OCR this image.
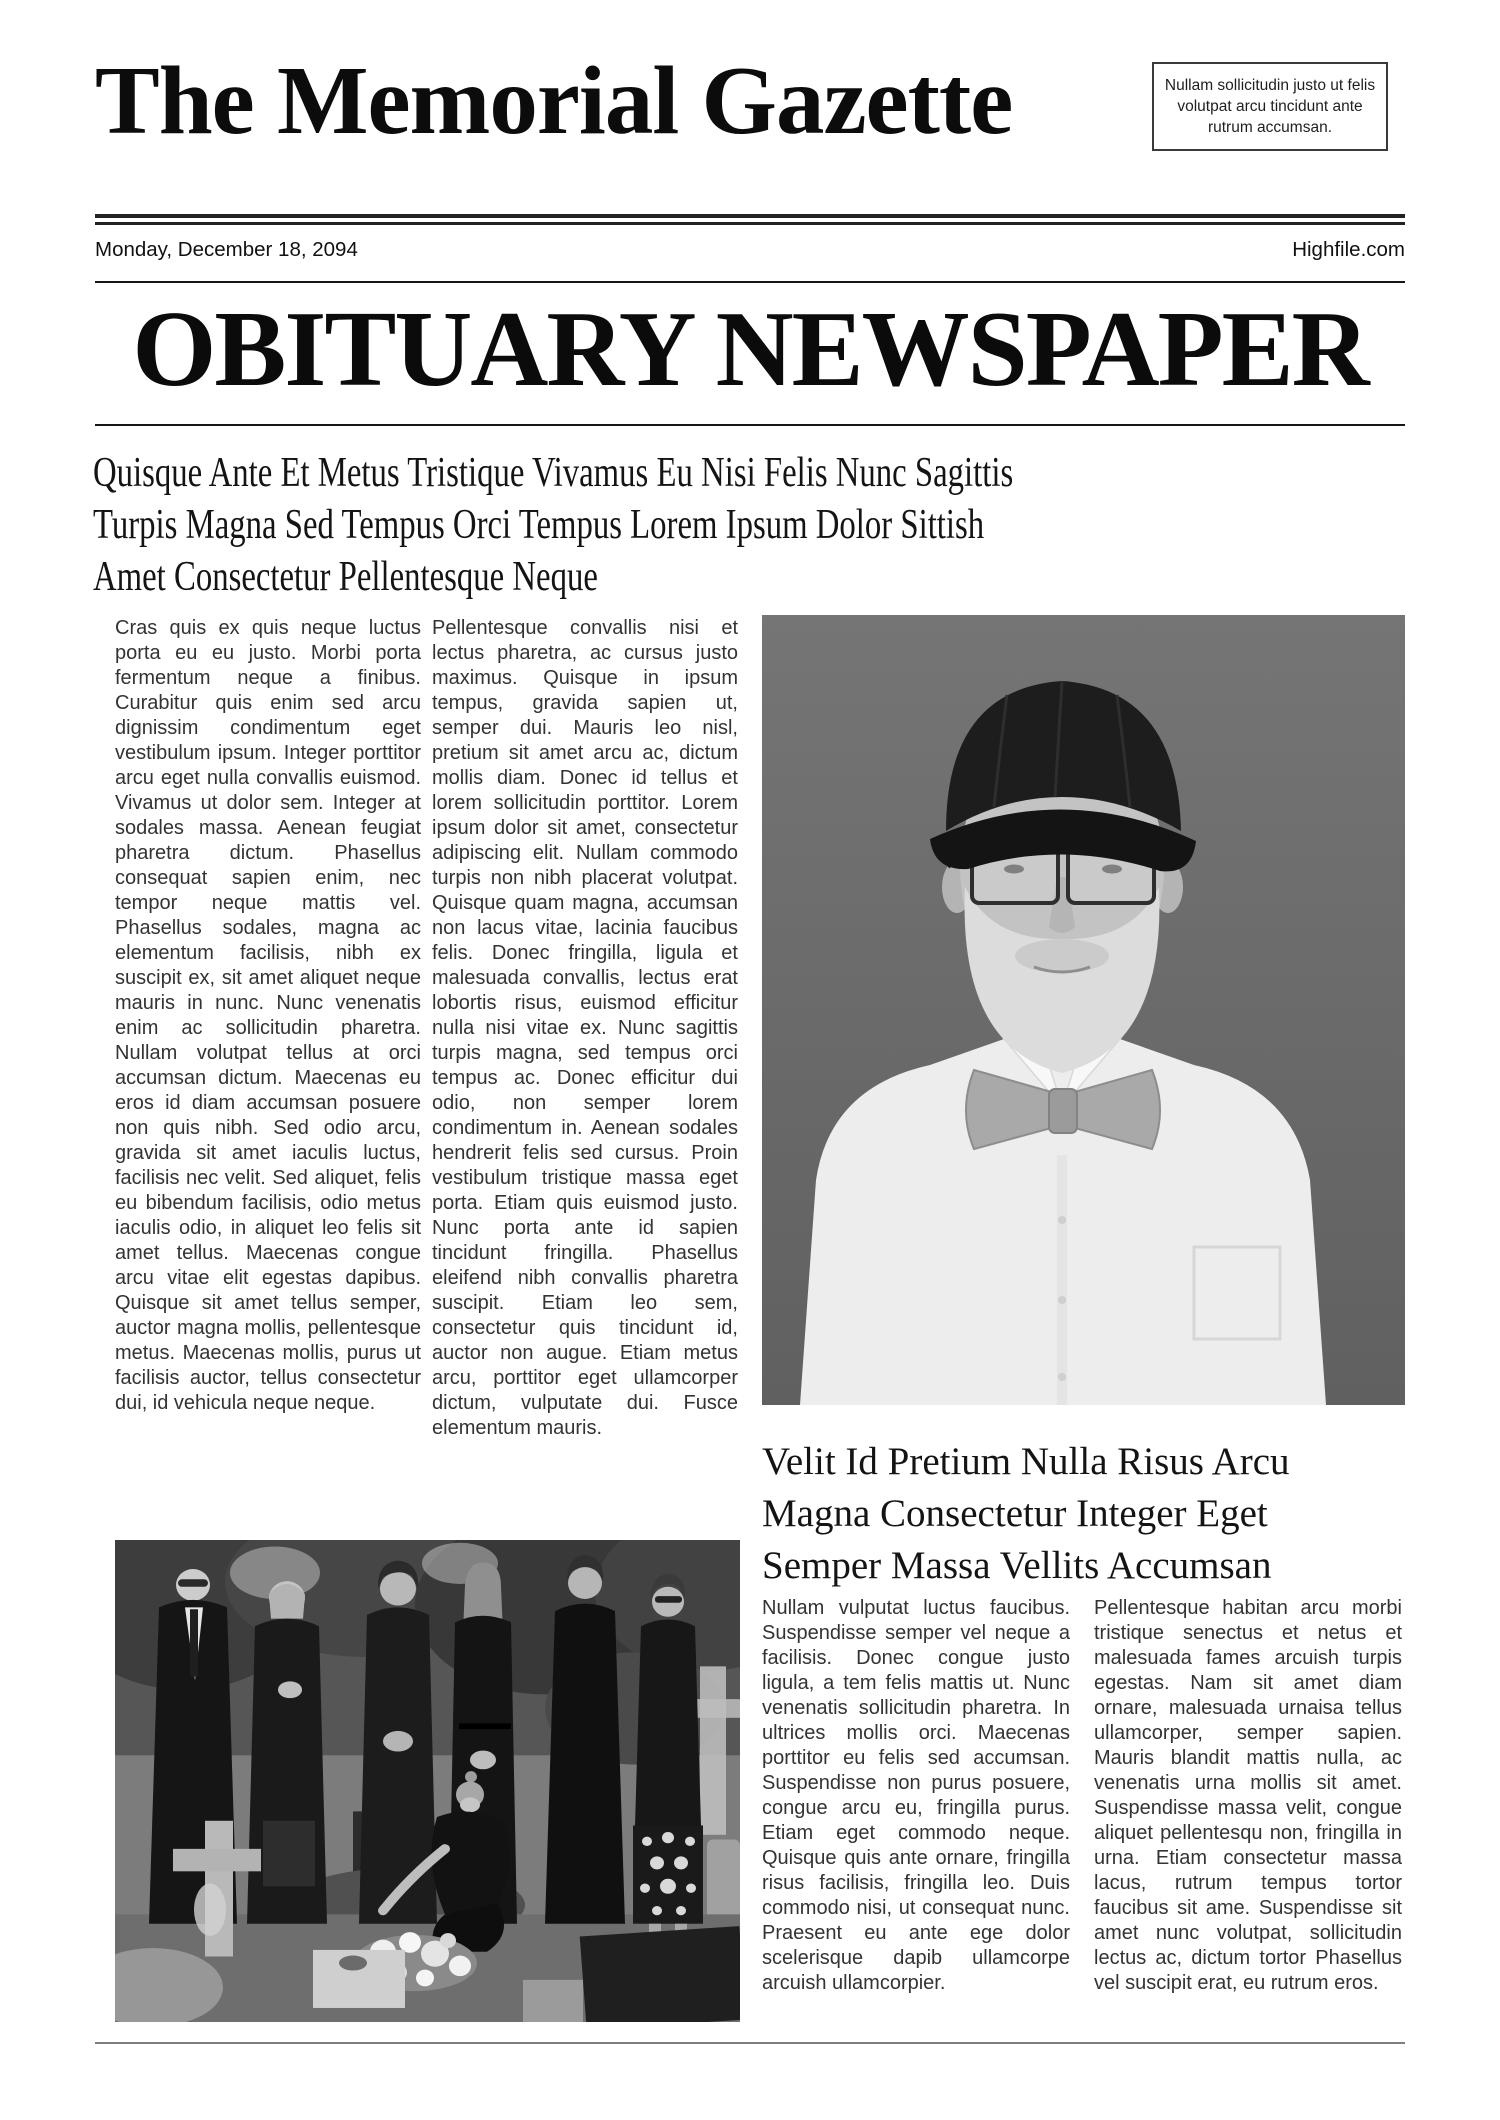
The Memorial Gazette	Nullam sollicitudin justo ut felis volutpat arcu tincidunt ante rutrum accumsan.

Monday, December 18, 2094	Highfile.com
OBITUARY NEWSPAPER
Quisque Ante Et Metus Tristique Vivamus Eu Nisi Felis Nunc Sagittis
Turpis Magna Sed Tempus Orci Tempus Lorem Ipsum Dolor Sittish
Amet Consectetur Pellentesque Neque
Cras quis ex quis neque luctus porta eu eu justo. Morbi porta fermentum neque a finibus. Curabitur quis enim sed arcu dignissim condimentum eget vestibulum ipsum. Integer porttitor arcu eget nulla convallis euismod. Vivamus ut dolor sem. Integer at sodales massa. Aenean feugiat pharetra dictum. Phasellus consequat sapien enim, nec tempor neque mattis vel. Phasellus sodales, magna ac elementum facilisis, nibh ex suscipit ex, sit amet aliquet neque mauris in nunc. Nunc venenatis enim ac sollicitudin pharetra. Nullam volutpat tellus at orci accumsan dictum. Maecenas eu eros id diam accumsan posuere non quis nibh. Sed odio arcu, gravida sit amet iaculis luctus, facilisis nec velit. Sed aliquet, felis eu bibendum facilisis, odio metus iaculis odio, in aliquet leo felis sit amet tellus. Maecenas congue arcu vitae elit egestas dapibus. Quisque sit amet tellus semper, auctor magna mollis, pellentesque metus. Maecenas mollis, purus ut facilisis auctor, tellus consectetur dui, id vehicula neque neque.
Pellentesque convallis nisi et lectus pharetra, ac cursus justo maximus. Quisque in ipsum tempus, gravida sapien ut, semper dui. Mauris leo nisl, pretium sit amet arcu ac, dictum mollis diam. Donec id tellus et lorem sollicitudin porttitor. Lorem ipsum dolor sit amet, consectetur adipiscing elit. Nullam commodo turpis non nibh placerat volutpat. Quisque quam magna, accumsan non lacus vitae, lacinia faucibus felis. Donec fringilla, ligula et malesuada convallis, lectus erat lobortis risus, euismod efficitur nulla nisi vitae ex. Nunc sagittis turpis magna, sed tempus orci tempus ac. Donec efficitur dui odio, non semper lorem condimentum in. Aenean sodales hendrerit felis sed cursus. Proin vestibulum tristique massa eget porta. Etiam quis euismod justo. Nunc porta ante id sapien tincidunt fringilla. Phasellus eleifend nibh convallis pharetra suscipit. Etiam leo sem, consectetur quis tincidunt id, auctor non augue. Etiam metus arcu, porttitor eget ullamcorper dictum, vulputate dui. Fusce elementum mauris.
Velit Id Pretium Nulla Risus Arcu
Magna Consectetur Integer Eget
Semper Massa Vellits Accumsan
Nullam vulputat luctus faucibus. Suspendisse semper vel neque a facilisis. Donec congue justo ligula, a tem felis mattis ut. Nunc venenatis sollicitudin pharetra. In ultrices mollis orci. Maecenas porttitor eu felis sed accumsan. Suspendisse non purus posuere, congue arcu eu, fringilla purus. Etiam eget commodo neque. Quisque quis ante ornare, fringilla risus facilisis, fringilla leo. Duis commodo nisi, ut consequat nunc. Praesent eu ante ege dolor scelerisque dapib ullamcorpe arcuish ullamcorpier.
Pellentesque habitan arcu morbi tristique senectus et netus et malesuada fames arcuish turpis egestas. Nam sit amet diam ornare, malesuada urnaisa tellus ullamcorper, semper sapien. Mauris blandit mattis nulla, ac venenatis urna mollis sit amet. Suspendisse massa velit, congue aliquet pellentesqu non, fringilla in urna. Etiam consectetur massa lacus, rutrum tempus tortor faucibus sit ame. Suspendisse sit amet nunc volutpat, sollicitudin lectus ac, dictum tortor Phasellus vel suscipit erat, eu rutrum eros.
